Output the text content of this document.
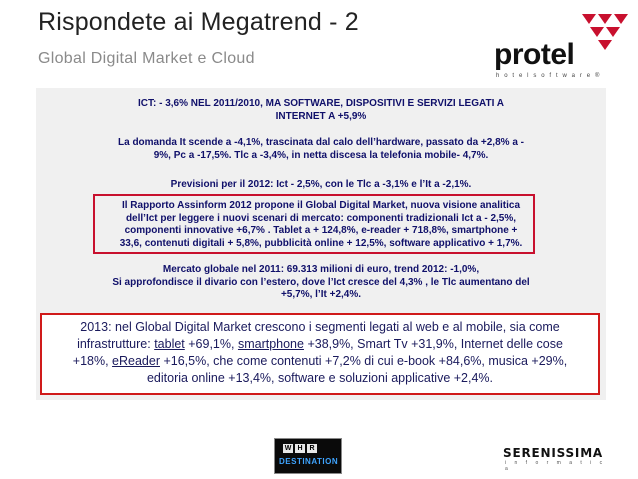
Rispondete ai Megatrend - 2
Global Digital Market e Cloud	protel
h o t e l s o f t w a r e ®
ICT: - 3,6% NEL 2011/2010, MA SOFTWARE, DISPOSITIVI E SERVIZI LEGATI A
INTERNET A +5,9%
La domanda It scende a -4,1%, trascinata dal calo dell’hardware, passato da +2,8% a -
9%, Pc a -17,5%. Tlc a -3,4%, in netta discesa la telefonia mobile- 4,7%.
Previsioni per il 2012: Ict - 2,5%, con le Tlc a -3,1% e l’It a -2,1%.
Il Rapporto Assinform 2012 propone il Global Digital Market, nuova visione analitica
dell’Ict per leggere i nuovi scenari di mercato: componenti tradizionali Ict a - 2,5%,
componenti innovative +6,7% . Tablet a + 124,8%, e-reader + 718,8%, smartphone +
33,6, contenuti digitali + 5,8%, pubblicità online + 12,5%, software applicativo + 1,7%.
Mercato globale nel 2011: 69.313 milioni di euro, trend 2012: -1,0%,
Si approfondisce il divario con l’estero, dove l’Ict cresce del 4,3% , le Tlc aumentano del
+5,7%, l’It +2,4%.
2013: nel Global Digital Market crescono i segmenti legati al web e al mobile, sia come
infrastrutture: tablet +69,1%, smartphone +38,9%, Smart Tv +31,9%, Internet delle cose
+18%, eReader +16,5%, che come contenuti +7,2% di cui e-book +84,6%, musica +29%,
editoria online +13,4%, software e soluzioni applicative +2,4%.
W H R
DESTINATION
SERENISSIMA
i n f o r m a t i c a
